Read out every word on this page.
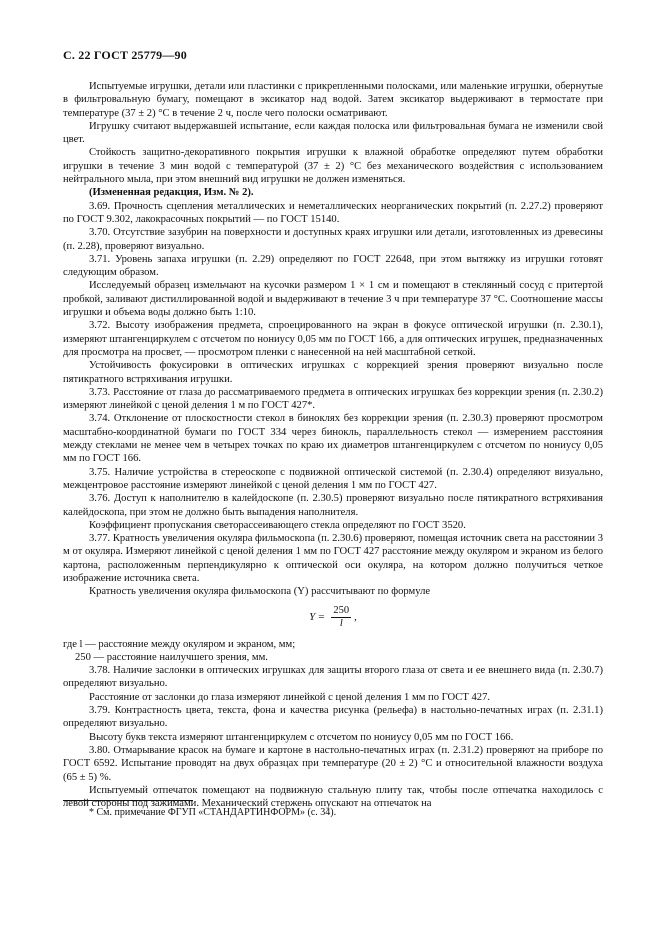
С. 22 ГОСТ 25779—90

Испытуемые игрушки, детали или пластинки с прикрепленными полосками, или маленькие игрушки, обернутые в фильтровальную бумагу, помещают в эксикатор над водой. Затем эксикатор выдерживают в термостате при температуре (37 ± 2) °С в течение 2 ч, после чего полоски осматривают.

Игрушку считают выдержавшей испытание, если каждая полоска или фильтровальная бумага не изменили свой цвет.

Стойкость защитно-декоративного покрытия игрушки к влажной обработке определяют путем обработки игрушки в течение 3 мин водой с температурой (37 ± 2) °С без механического воздействия с использованием нейтрального мыла, при этом внешний вид игрушки не должен изменяться.

(Измененная редакция, Изм. № 2).

3.69. Прочность сцепления металлических и неметаллических неорганических покрытий (п. 2.27.2) проверяют по ГОСТ 9.302, лакокрасочных покрытий — по ГОСТ 15140.

3.70. Отсутствие зазубрин на поверхности и доступных краях игрушки или детали, изготовленных из древесины (п. 2.28), проверяют визуально.

3.71. Уровень запаха игрушки (п. 2.29) определяют по ГОСТ 22648, при этом вытяжку из игрушки готовят следующим образом.

Исследуемый образец измельчают на кусочки размером 1 × 1 см и помещают в стеклянный сосуд с притертой пробкой, заливают дистиллированной водой и выдерживают в течение 3 ч при температуре 37 °С. Соотношение массы игрушки и объема воды должно быть 1:10.

3.72. Высоту изображения предмета, спроецированного на экран в фокусе оптической игрушки (п. 2.30.1), измеряют штангенциркулем с отсчетом по нониусу 0,05 мм по ГОСТ 166, а для оптических игрушек, предназначенных для просмотра на просвет, — просмотром пленки с нанесенной на ней масштабной сеткой.

Устойчивость фокусировки в оптических игрушках с коррекцией зрения проверяют визуально после пятикратного встряхивания игрушки.

3.73. Расстояние от глаза до рассматриваемого предмета в оптических игрушках без коррекции зрения (п. 2.30.2) измеряют линейкой с ценой деления 1 м по ГОСТ 427*.

3.74. Отклонение от плоскостности стекол в биноклях без коррекции зрения (п. 2.30.3) проверяют просмотром масштабно-координатной бумаги по ГОСТ 334 через бинокль, параллельность стекол — измерением расстояния между стеклами не менее чем в четырех точках по краю их диаметров штангенциркулем с отсчетом по нониусу 0,05 мм по ГОСТ 166.

3.75. Наличие устройства в стереоскопе с подвижной оптической системой (п. 2.30.4) определяют визуально, межцентровое расстояние измеряют линейкой с ценой деления 1 мм по ГОСТ 427.

3.76. Доступ к наполнителю в калейдоскопе (п. 2.30.5) проверяют визуально после пятикратного встряхивания калейдоскопа, при этом не должно быть выпадения наполнителя.

Коэффициент пропускания светорассеивающего стекла определяют по ГОСТ 3520.

3.77. Кратность увеличения окуляра фильмоскопа (п. 2.30.6) проверяют, помещая источник света на расстоянии 3 м от окуляра. Измеряют линейкой с ценой деления 1 мм по ГОСТ 427 расстояние между окуляром и экраном из белого картона, расположенным перпендикулярно к оптической оси окуляра, на котором должно получиться четкое изображение источника света.

Кратность увеличения окуляра фильмоскопа (Y) рассчитывают по формуле

$Y = \frac{250}{l}$ ,

где l — расстояние между окуляром и экраном, мм;

250 — расстояние наилучшего зрения, мм.

3.78. Наличие заслонки в оптических игрушках для защиты второго глаза от света и ее внешнего вида (п. 2.30.7) определяют визуально.

Расстояние от заслонки до глаза измеряют линейкой с ценой деления 1 мм по ГОСТ 427.

3.79. Контрастность цвета, текста, фона и качества рисунка (рельефа) в настольно-печатных играх (п. 2.31.1) определяют визуально.

Высоту букв текста измеряют штангенциркулем с отсчетом по нониусу 0,05 мм по ГОСТ 166.

3.80. Отмарывание красок на бумаге и картоне в настольно-печатных играх (п. 2.31.2) проверяют на приборе по ГОСТ 6592. Испытание проводят на двух образцах при температуре (20 ± 2) °С и относительной влажности воздуха (65 ± 5) %.

Испытуемый отпечаток помещают на подвижную стальную плиту так, чтобы после отпечатка находилось с левой стороны под зажимами. Механический стержень опускают на отпечаток на

* См. примечание ФГУП «СТАНДАРТИНФОРМ» (с. 34).
